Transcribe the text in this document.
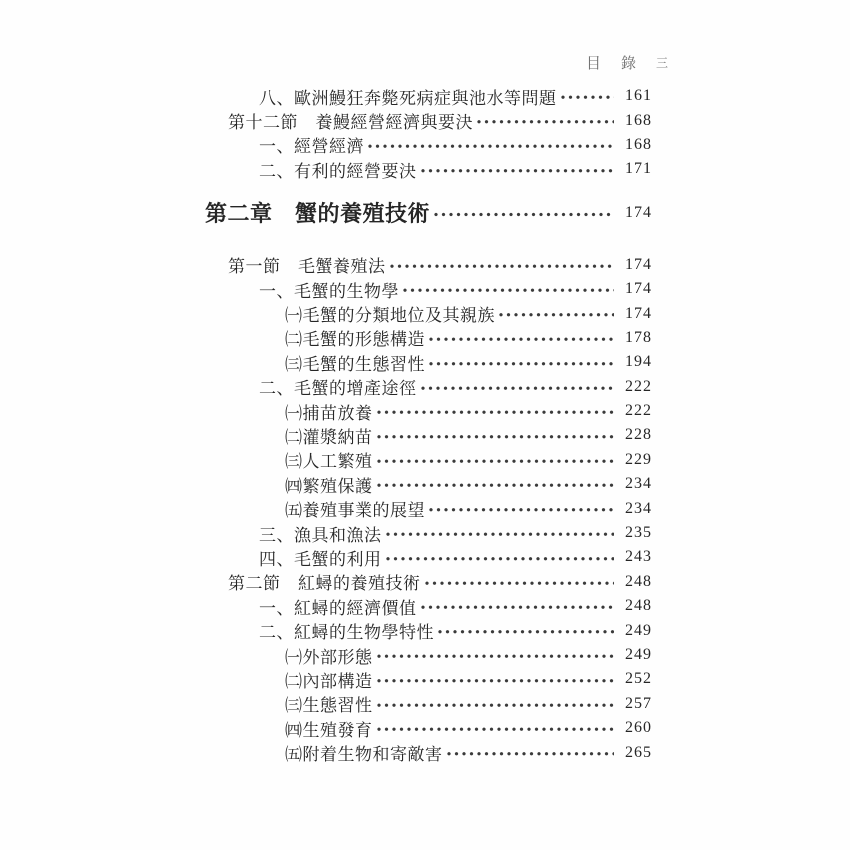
目錄 三
八、歐洲鰻狂奔斃死病症與池水等問題	161
第十二節　養鰻經營經濟與要決	168
一、經營經濟	168
二、有利的經營要決	171
第二章　蟹的養殖技術	174
第一節　毛蟹養殖法	174
一、毛蟹的生物學	174
㈠毛蟹的分類地位及其親族	174
㈡毛蟹的形態構造	178
㈢毛蟹的生態習性	194
二、毛蟹的增產途徑	222
㈠捕苗放養	222
㈡灌漿納苗	228
㈢人工繁殖	229
㈣繁殖保護	234
㈤養殖事業的展望	234
三、漁具和漁法	235
四、毛蟹的利用	243
第二節　紅蟳的養殖技術	248
一、紅蟳的經濟價值	248
二、紅蟳的生物學特性	249
㈠外部形態	249
㈡內部構造	252
㈢生態習性	257
㈣生殖發育	260
㈤附着生物和寄敵害	265
